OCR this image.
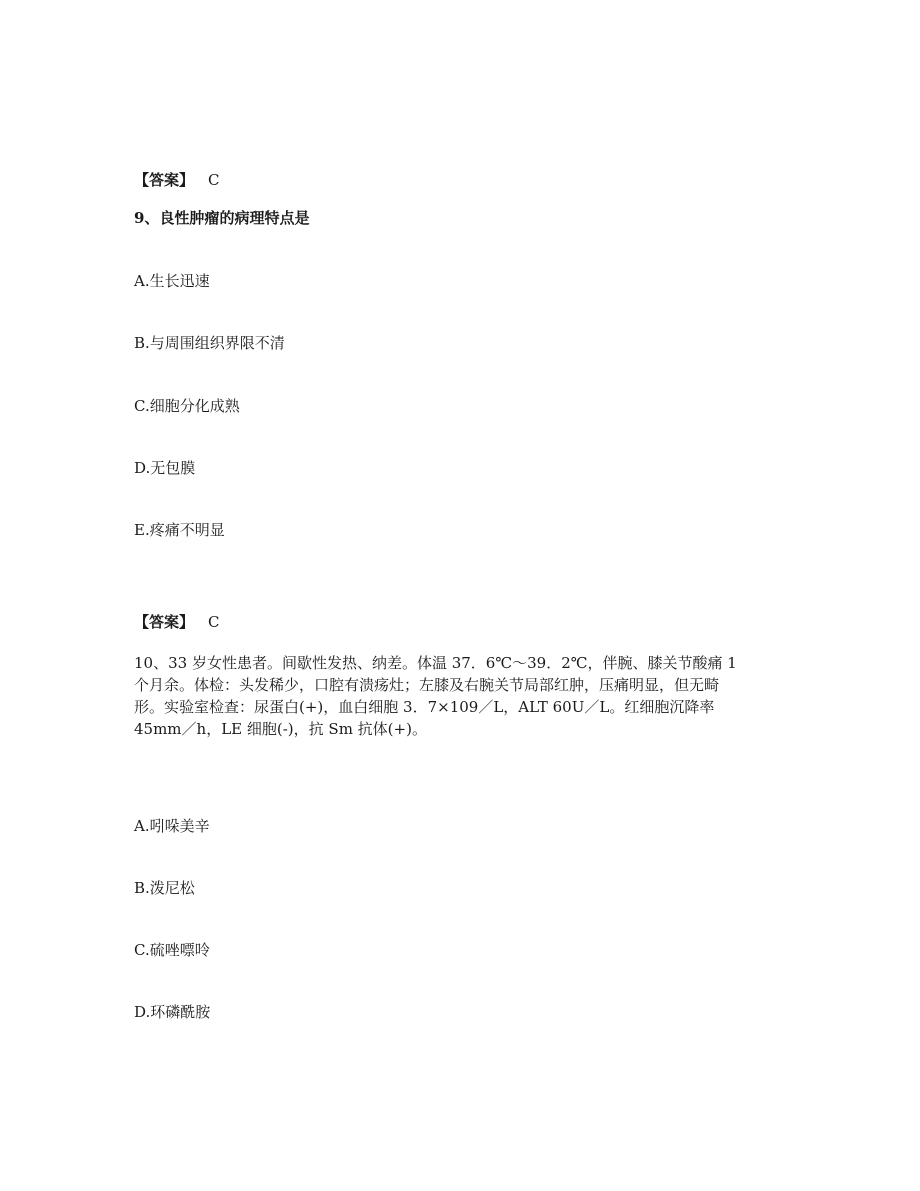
【答案】 C
9、良性肿瘤的病理特点是
A.生长迅速
B.与周围组织界限不清
C.细胞分化成熟
D.无包膜
E.疼痛不明显
【答案】 C
10、33 岁女性患者。间歇性发热、纳差。体温 37．6℃～39．2℃，伴腕、膝关节酸痛 1
个月余。体检：头发稀少，口腔有溃疡灶；左膝及右腕关节局部红肿，压痛明显，但无畸
形。实验室检查：尿蛋白(+)，血白细胞 3．7×109／L，ALT 60U／L。红细胞沉降率
45mm／h，LE 细胞(-)，抗 Sm 抗体(+)。
A.吲哚美辛
B.泼尼松
C.硫唑嘌呤
D.环磷酰胺
